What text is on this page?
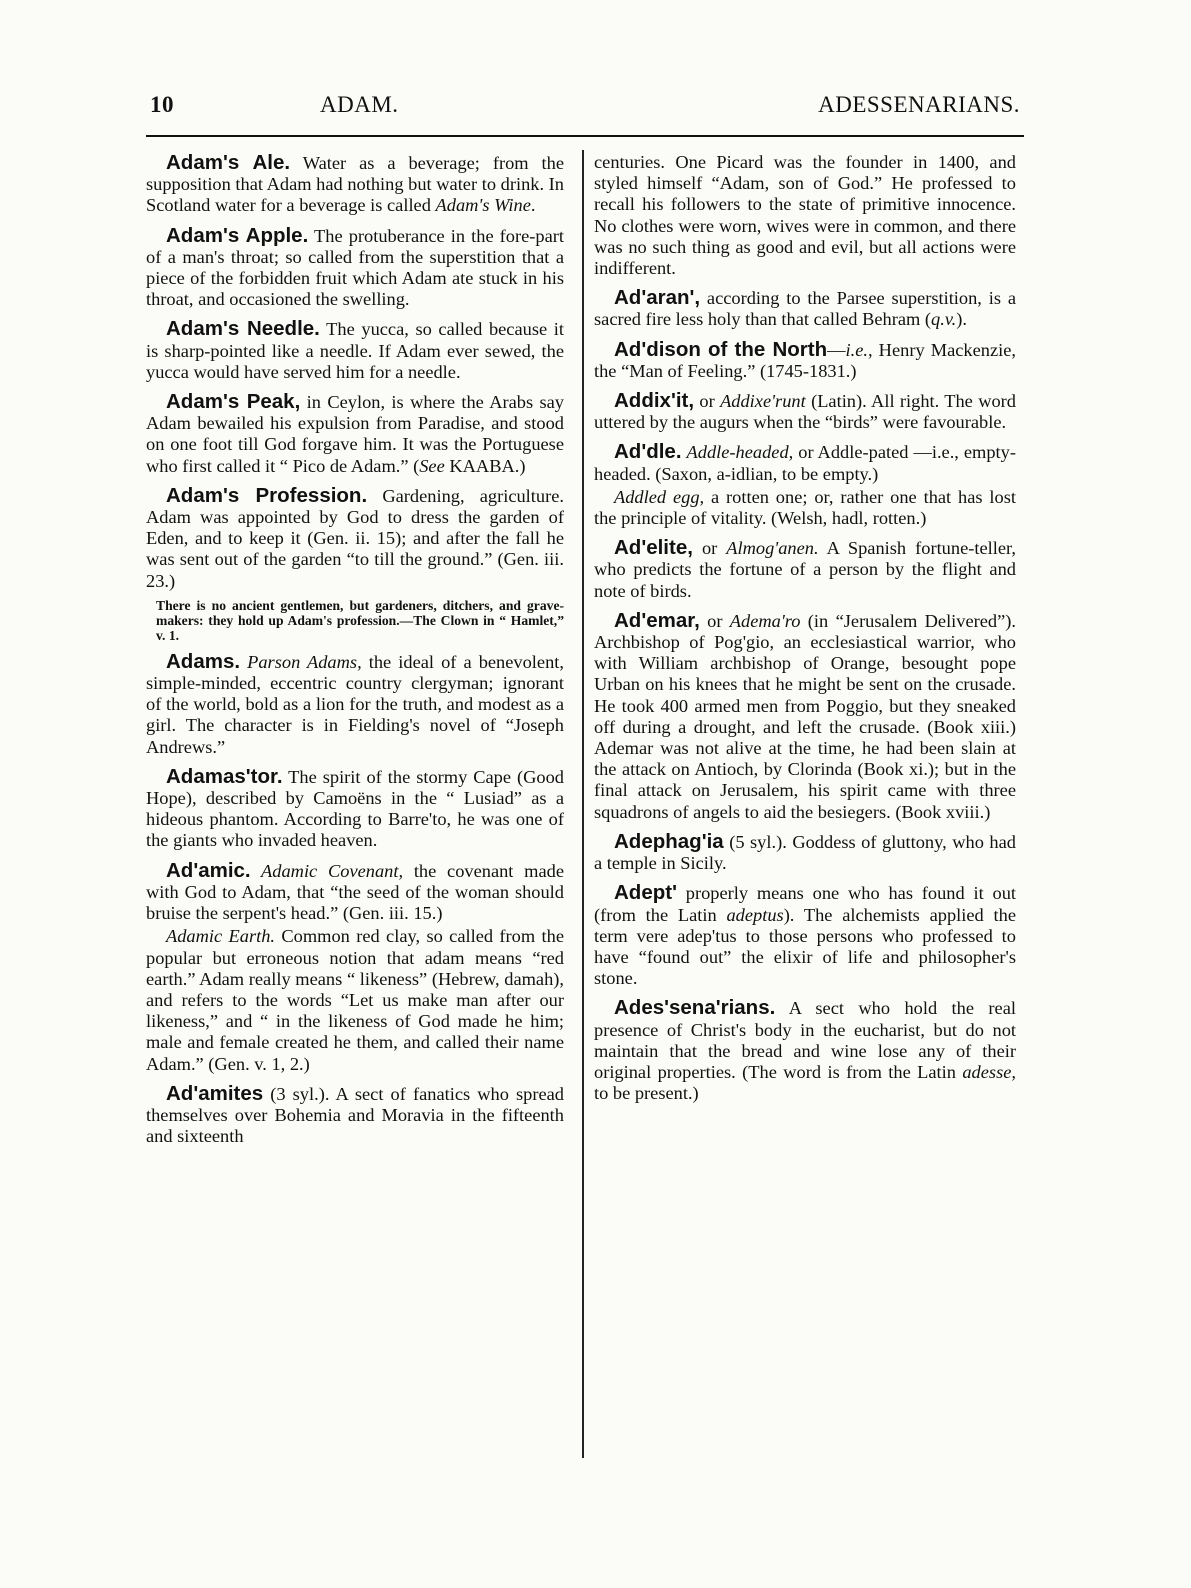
10	ADAM.	ADESSENARIANS.

Adam's Ale. Water as a beverage; from the supposition that Adam had nothing but water to drink. In Scotland water for a beverage is called Adam's Wine.

Adam's Apple. The protuberance in the fore-part of a man's throat; so called from the superstition that a piece of the forbidden fruit which Adam ate stuck in his throat, and occasioned the swelling.

Adam's Needle. The yucca, so called because it is sharp-pointed like a needle. If Adam ever sewed, the yucca would have served him for a needle.

Adam's Peak, in Ceylon, is where the Arabs say Adam bewailed his expulsion from Paradise, and stood on one foot till God forgave him. It was the Portuguese who first called it “ Pico de Adam.” (See KAABA.)

Adam's Profession. Gardening, agriculture. Adam was appointed by God to dress the garden of Eden, and to keep it (Gen. ii. 15); and after the fall he was sent out of the garden “to till the ground.” (Gen. iii. 23.)

There is no ancient gentlemen, but gardeners, ditchers, and grave-makers: they hold up Adam's profession.—The Clown in “ Hamlet,” v. 1.

Adams. Parson Adams, the ideal of a benevolent, simple-minded, eccentric country clergyman; ignorant of the world, bold as a lion for the truth, and modest as a girl. The character is in Fielding's novel of “Joseph Andrews.”

Adamas'tor. The spirit of the stormy Cape (Good Hope), described by Camoëns in the “ Lusiad” as a hideous phantom. According to Barre'to, he was one of the giants who invaded heaven.

Ad'amic. Adamic Covenant, the covenant made with God to Adam, that “the seed of the woman should bruise the serpent's head.” (Gen. iii. 15.)

Adamic Earth. Common red clay, so called from the popular but erroneous notion that adam means “red earth.” Adam really means “ likeness” (Hebrew, damah), and refers to the words “Let us make man after our likeness,” and “ in the likeness of God made he him; male and female created he them, and called their name Adam.” (Gen. v. 1, 2.)

Ad'amites (3 syl.). A sect of fanatics who spread themselves over Bohemia and Moravia in the fifteenth and sixteenth

centuries. One Picard was the founder in 1400, and styled himself “Adam, son of God.” He professed to recall his followers to the state of primitive innocence. No clothes were worn, wives were in common, and there was no such thing as good and evil, but all actions were indifferent.

Ad'aran', according to the Parsee superstition, is a sacred fire less holy than that called Behram (q.v.).

Ad'dison of the North—i.e., Henry Mackenzie, the “Man of Feeling.” (1745-1831.)

Addix'it, or Addixe'runt (Latin). All right. The word uttered by the augurs when the “birds” were favourable.

Ad'dle. Addle-headed, or Addle-pated —i.e., empty-headed. (Saxon, a-idlian, to be empty.)

Addled egg, a rotten one; or, rather one that has lost the principle of vitality. (Welsh, hadl, rotten.)

Ad'elite, or Almog'anen. A Spanish fortune-teller, who predicts the fortune of a person by the flight and note of birds.

Ad'emar, or Adema'ro (in “Jerusalem Delivered”). Archbishop of Pog'gio, an ecclesiastical warrior, who with William archbishop of Orange, besought pope Urban on his knees that he might be sent on the crusade. He took 400 armed men from Poggio, but they sneaked off during a drought, and left the crusade. (Book xiii.) Ademar was not alive at the time, he had been slain at the attack on Antioch, by Clorinda (Book xi.); but in the final attack on Jerusalem, his spirit came with three squadrons of angels to aid the besiegers. (Book xviii.)

Adephag'ia (5 syl.). Goddess of gluttony, who had a temple in Sicily.

Adept' properly means one who has found it out (from the Latin adeptus). The alchemists applied the term vere adep'tus to those persons who professed to have “found out” the elixir of life and philosopher's stone.

Ades'sena'rians. A sect who hold the real presence of Christ's body in the eucharist, but do not maintain that the bread and wine lose any of their original properties. (The word is from the Latin adesse, to be present.)
